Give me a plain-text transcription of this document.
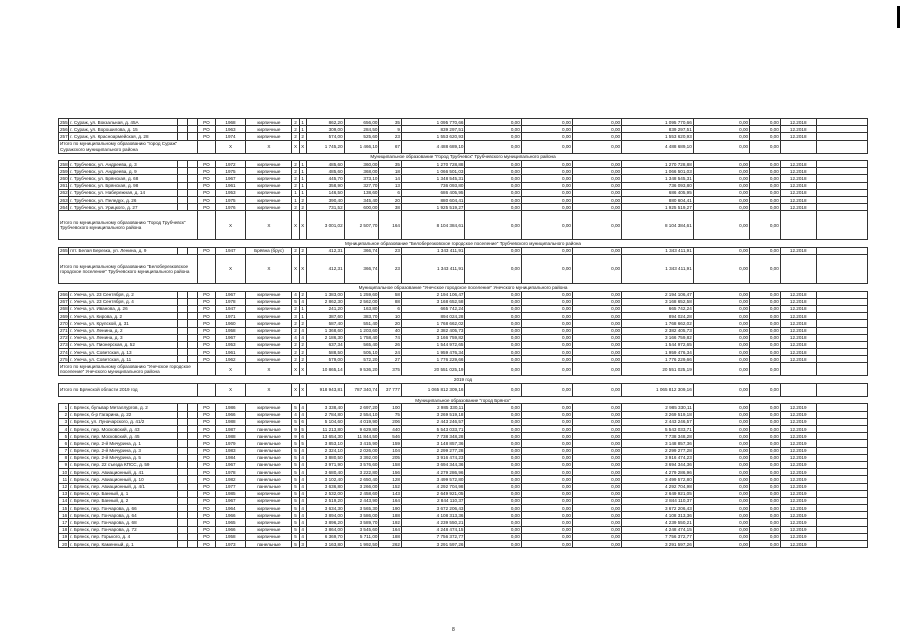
255	г. Сураж, ул. Вокзальная, д. 45А			РО	1968	кирпичные	2	1	862,20	656,00	35	1 095 770,66	0,00	0,00	0,00	1 095 770,66	0,00	0,00	12.2018	
256	г. Сураж, ул. Ворошилова, д. 15			РО	1963	кирпичные	2	1	309,00	284,50	9	839 297,51	0,00	0,00	0,00	839 297,51	0,00	0,00	12.2018	
257	г. Сураж, ул. Красноармейская, д. 28			РО	1974	кирпичные	2	2	574,00	525,60	23	1 553 620,93	0,00	0,00	0,00	1 553 620,93	0,00	0,00	12.2018	
Итого по муниципальному образованию "город Сураж" Суражского муниципального района					X	X	X	X	1 745,20	1 466,10	67	4 488 689,10	0,00	0,00	0,00	4 488 689,10	0,00	0,00		
Муниципальное образование "Город Трубчевск" Трубчевского муниципального района																				
258	г. Трубчевск, ул. Андреева, д. 3			РО	1972	кирпичные	2	1	485,60	360,00	35	1 270 728,88	0,00	0,00	0,00	1 270 728,88	0,00	0,00	12.2018	
259	г. Трубчевск, ул. Андреева, д. 9			РО	1975	кирпичные	2	1	485,60	368,00	18	1 066 501,03	0,00	0,00	0,00	1 066 501,03	0,00	0,00	12.2018	
260	г. Трубчевск, ул. Брянская, д. 68			РО	1967	кирпичные	2	1	445,70	373,10	14	1 348 545,31	0,00	0,00	0,00	1 348 545,31	0,00	0,00	12.2018	
261	г. Трубчевск, ул. Брянская, д. 98			РО	1961	кирпичные	2	1	358,90	327,70	13	736 093,80	0,00	0,00	0,00	736 093,80	0,00	0,00	12.2018	
262	г. Трубчевск, ул. Набережная, д. 14			РО	1953	кирпичные	1	1	146,50	138,60	6	686 405,95	0,00	0,00	0,00	686 405,95	0,00	0,00	12.2018	
263	г. Трубчевск, ул. Пеледух, д. 26			РО	1975	кирпичные	1	2	390,40	345,40	20	880 604,41	0,00	0,00	0,00	880 604,41	0,00	0,00	12.2018	
264	г. Трубчевск, ул. Урицкого, д. 27			РО	1976	кирпичные	2	2	731,52	600,00	38	1 925 519,27	0,00	0,00	0,00	1 925 519,27	0,00	0,00	12.2018	
Итого по муниципальному образованию "Город Трубчевск" Трубчевского муниципального района					X	X	X	X	3 001,02	2 507,70	164	8 104 384,61	0,00	0,00	0,00	8 104 384,61	0,00	0,00		
Муниципальное образование "Белоберезковское городское поселение" Трубчевского муниципального района																				
265	пгт. Белая Березка, ул. Ленина, д. 9			РО	1947	Брёвна (брус)	2	2	412,31	366,74	23	1 343 411,91	0,00	0,00	0,00	1 343 411,91	0,00	0,00	12.2018	
Итого по муниципальному образованию "Белоберезковское городское поселение" Трубчевского муниципального района					X	X	X	X	412,31	366,74	23	1 343 411,91	0,00	0,00	0,00	1 343 411,91	0,00	0,00		
Муниципальное образование "Унечское городское поселение" Унечского муниципального района																				
266	г. Унеча, ул. 23 Сентября, д. 2			РО	1967	кирпичные	4	2	1 383,00	1 259,60	58	2 194 106,47	0,00	0,00	0,00	2 194 106,47	0,00	0,00	12.2018	
267	г. Унеча, ул. 23 Сентября, д. 4			РО	1978	кирпичные	5	4	2 862,30	2 562,00	88	3 168 652,58	0,00	0,00	0,00	3 168 652,58	0,00	0,00	12.2018	
268	г. Унеча, ул. Иванова, д. 26			РО	1947	кирпичные	2	1	241,20	163,80	6	665 742,24	0,00	0,00	0,00	665 742,24	0,00	0,00	12.2018	
269	г. Унеча, ул. Кирова, д. 2			РО	1971	кирпичные	3	1	387,60	383,70	10	894 024,28	0,00	0,00	0,00	894 024,28	0,00	0,00	12.2018	
270	г. Унеча, ул. Крупской, д. 31			РО	1960	кирпичные	2	2	587,40	551,40	20	1 768 662,02	0,00	0,00	0,00	1 768 662,02	0,00	0,00	12.2018	
271	г. Унеча, ул. Ленина, д. 2			РО	1958	кирпичные	2	4	1 368,60	1 203,60	40	2 382 405,73	0,00	0,00	0,00	2 382 405,73	0,00	0,00	12.2018	
272	г. Унеча, ул. Ленина, д. 3			РО	1967	кирпичные	4	4	2 186,30	1 758,40	74	3 166 759,82	0,00	0,00	0,00	3 166 759,82	0,00	0,00	12.2018	
273	г. Унеча, ул. Пионерская, д. 52			РО	1953	кирпичные	2	2	637,34	565,40	26	1 544 972,65	0,00	0,00	0,00	1 544 972,65	0,00	0,00	12.2018	
274	г. Унеча, ул. Советская, д. 13			РО	1961	кирпичные	2	2	588,50	505,10	24	1 959 476,34	0,00	0,00	0,00	1 959 476,34	0,00	0,00	12.2018	
275	г. Унеча, ул. Советская, д. 11			РО	1962	кирпичные	2	2	579,00	572,20	27	1 776 229,66	0,00	0,00	0,00	1 776 229,66	0,00	0,00	12.2018	
Итого по муниципальному образованию "Унечское городское поселение" Унечского муниципального района					X	X	X	X	10 865,14	9 536,20	375	20 551 025,19	0,00	0,00	0,00	20 551 025,19	0,00	0,00		
2019 год																				
Итого по Брянской области 2019 год					X	X	X	X	918 943,81	787 340,74	37 777	1 065 812 309,16	0,00	0,00	0,00	1 065 812 309,16	0,00	0,00		
Муниципальное образование "город Брянск"																				
1	г. Брянск, бульвар Металлургов, д. 2			РО	1986	кирпичные	5	4	3 338,40	2 697,20	100	2 985 330,11	0,00	0,00	0,00	2 985 330,11	0,00	0,00	12.2019	
2	г. Брянск, б-р Гагарина, д. 22			РО	1966	кирпичные	4	4	2 784,80	2 554,10	75	3 269 519,18	0,00	0,00	0,00	3 269 519,18	0,00	0,00	12.2019	
3	г. Брянск, ул. Луначарского, д. 41/2			РО	1988	кирпичные	5	6	5 104,60	4 019,90	206	2 443 246,57	0,00	0,00	0,00	2 443 246,57	0,00	0,00	12.2019	
4	г. Брянск, пер. Московский, д. 43			РО	1987	панельные	9	5	11 213,80	9 629,80	440	5 543 033,71	0,00	0,00	0,00	5 543 033,71	0,00	0,00	12.2019	
5	г. Брянск, пер. Московский, д. 45			РО	1988	панельные	9	6	13 654,30	11 844,50	546	7 738 348,28	0,00	0,00	0,00	7 738 348,28	0,00	0,00	12.2019	
6	г. Брянск, пер. 2-й Мичурина, д. 1			РО	1979	панельные	5	5	3 853,10	3 415,90	159	3 148 857,36	0,00	0,00	0,00	3 148 857,36	0,00	0,00	12.2019	
7	г. Брянск, пер. 2-й Мичурина, д. 3			РО	1983	панельные	5	4	2 324,10	2 026,00	104	2 299 277,28	0,00	0,00	0,00	2 299 277,28	0,00	0,00	12.2019	
8	г. Брянск, пер. 2-й Мичурина, д. 5			РО	1984	панельные	5	4	3 880,50	3 392,00	205	3 916 474,23	0,00	0,00	0,00	3 916 474,23	0,00	0,00	12.2019	
9	г. Брянск, пер. 22 съезда КПСС, д. 59			РО	1967	панельные	5	4	3 971,90	3 576,60	158	3 694 344,36	0,00	0,00	0,00	3 694 344,36	0,00	0,00	12.2019	
10	г. Брянск, пер. Авиационный, д. 41			РО	1978	панельные	5	4	3 680,40	3 222,80	156	4 279 286,96	0,00	0,00	0,00	4 279 286,96	0,00	0,00	12.2019	
11	г. Брянск, пер. Авиационный, д. 10			РО	1982	панельные	5	4	3 102,40	2 650,40	128	3 499 572,80	0,00	0,00	0,00	3 499 572,80	0,00	0,00	12.2019	
12	г. Брянск, пер. Авиационный, д. 4/1			РО	1977	панельные	5	4	3 636,80	3 266,00	152	4 292 704,98	0,00	0,00	0,00	4 292 704,98	0,00	0,00	12.2019	
13	г. Брянск, пер. Банный, д. 1			РО	1985	кирпичные	5	4	2 532,00	2 458,60	143	2 649 921,05	0,00	0,00	0,00	2 649 921,05	0,00	0,00	12.2019	
14	г. Брянск, пер. Банный, д. 2			РО	1967	кирпичные	5	4	2 519,20	2 443,90	164	2 844 110,37	0,00	0,00	0,00	2 844 110,37	0,00	0,00	12.2019	
15	г. Брянск, пер. Гончарова, д. 66			РО	1964	кирпичные	5	4	3 634,30	3 565,30	190	3 672 206,43	0,00	0,00	0,00	3 672 206,43	0,00	0,00	12.2019	
16	г. Брянск, пер. Гончарова, д. 64			РО	1966	кирпичные	5	4	3 894,00	3 586,00	188	4 108 313,36	0,00	0,00	0,00	4 108 313,36	0,00	0,00	12.2019	
17	г. Брянск, пер. Гончарова, д. 68			РО	1965	кирпичные	5	4	3 896,20	3 589,70	192	4 239 550,21	0,00	0,00	0,00	4 239 550,21	0,00	0,00	12.2019	
18	г. Брянск, пер. Гончарова, д. 72			РО	1966	кирпичные	5	4	3 864,00	3 545,60	164	4 248 474,15	0,00	0,00	0,00	4 248 474,15	0,00	0,00	12.2019	
19	г. Брянск, пер. Горького, д. 4			РО	1958	кирпичные	5	4	6 369,70	5 711,00	188	7 756 372,77	0,00	0,00	0,00	7 756 372,77	0,00	0,00	12.2019	
20	г. Брянск, пер. Каменный, д. 1			РО	1973	панельные	5	3	3 163,80	1 992,50	262	3 291 597,26	0,00	0,00	0,00	3 291 597,26	0,00	0,00	12.2019	
8
